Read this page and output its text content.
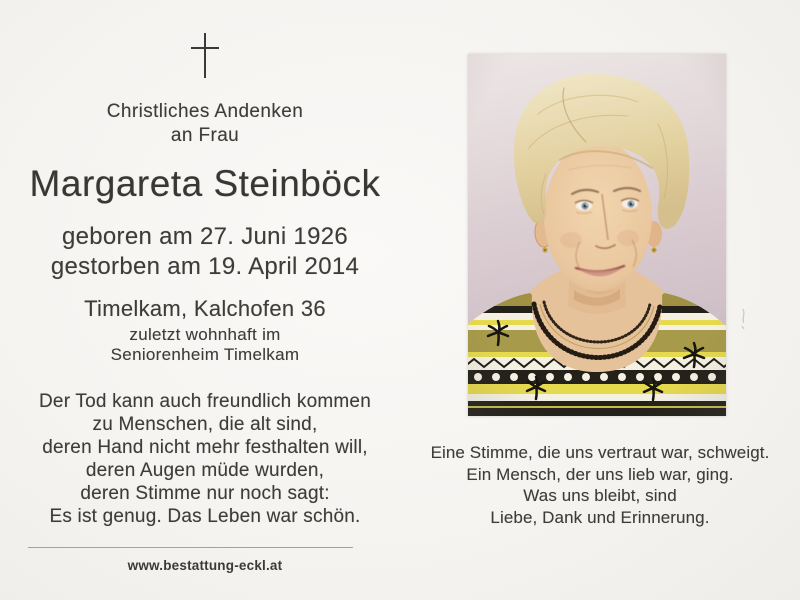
Christliches Andenken
an Frau
Margareta Steinböck
geboren am 27. Juni 1926
gestorben am 19. April 2014
Timelkam, Kalchofen 36
zuletzt wohnhaft im
Seniorenheim Timelkam
Der Tod kann auch freundlich kommen
zu Menschen, die alt sind,
deren Hand nicht mehr festhalten will,
deren Augen müde wurden,
deren Stimme nur noch sagt:
Es ist genug. Das Leben war schön.
www.bestattung-eckl.at
Eine Stimme, die uns vertraut war, schweigt.
Ein Mensch, der uns lieb war, ging.
Was uns bleibt, sind
Liebe, Dank und Erinnerung.
